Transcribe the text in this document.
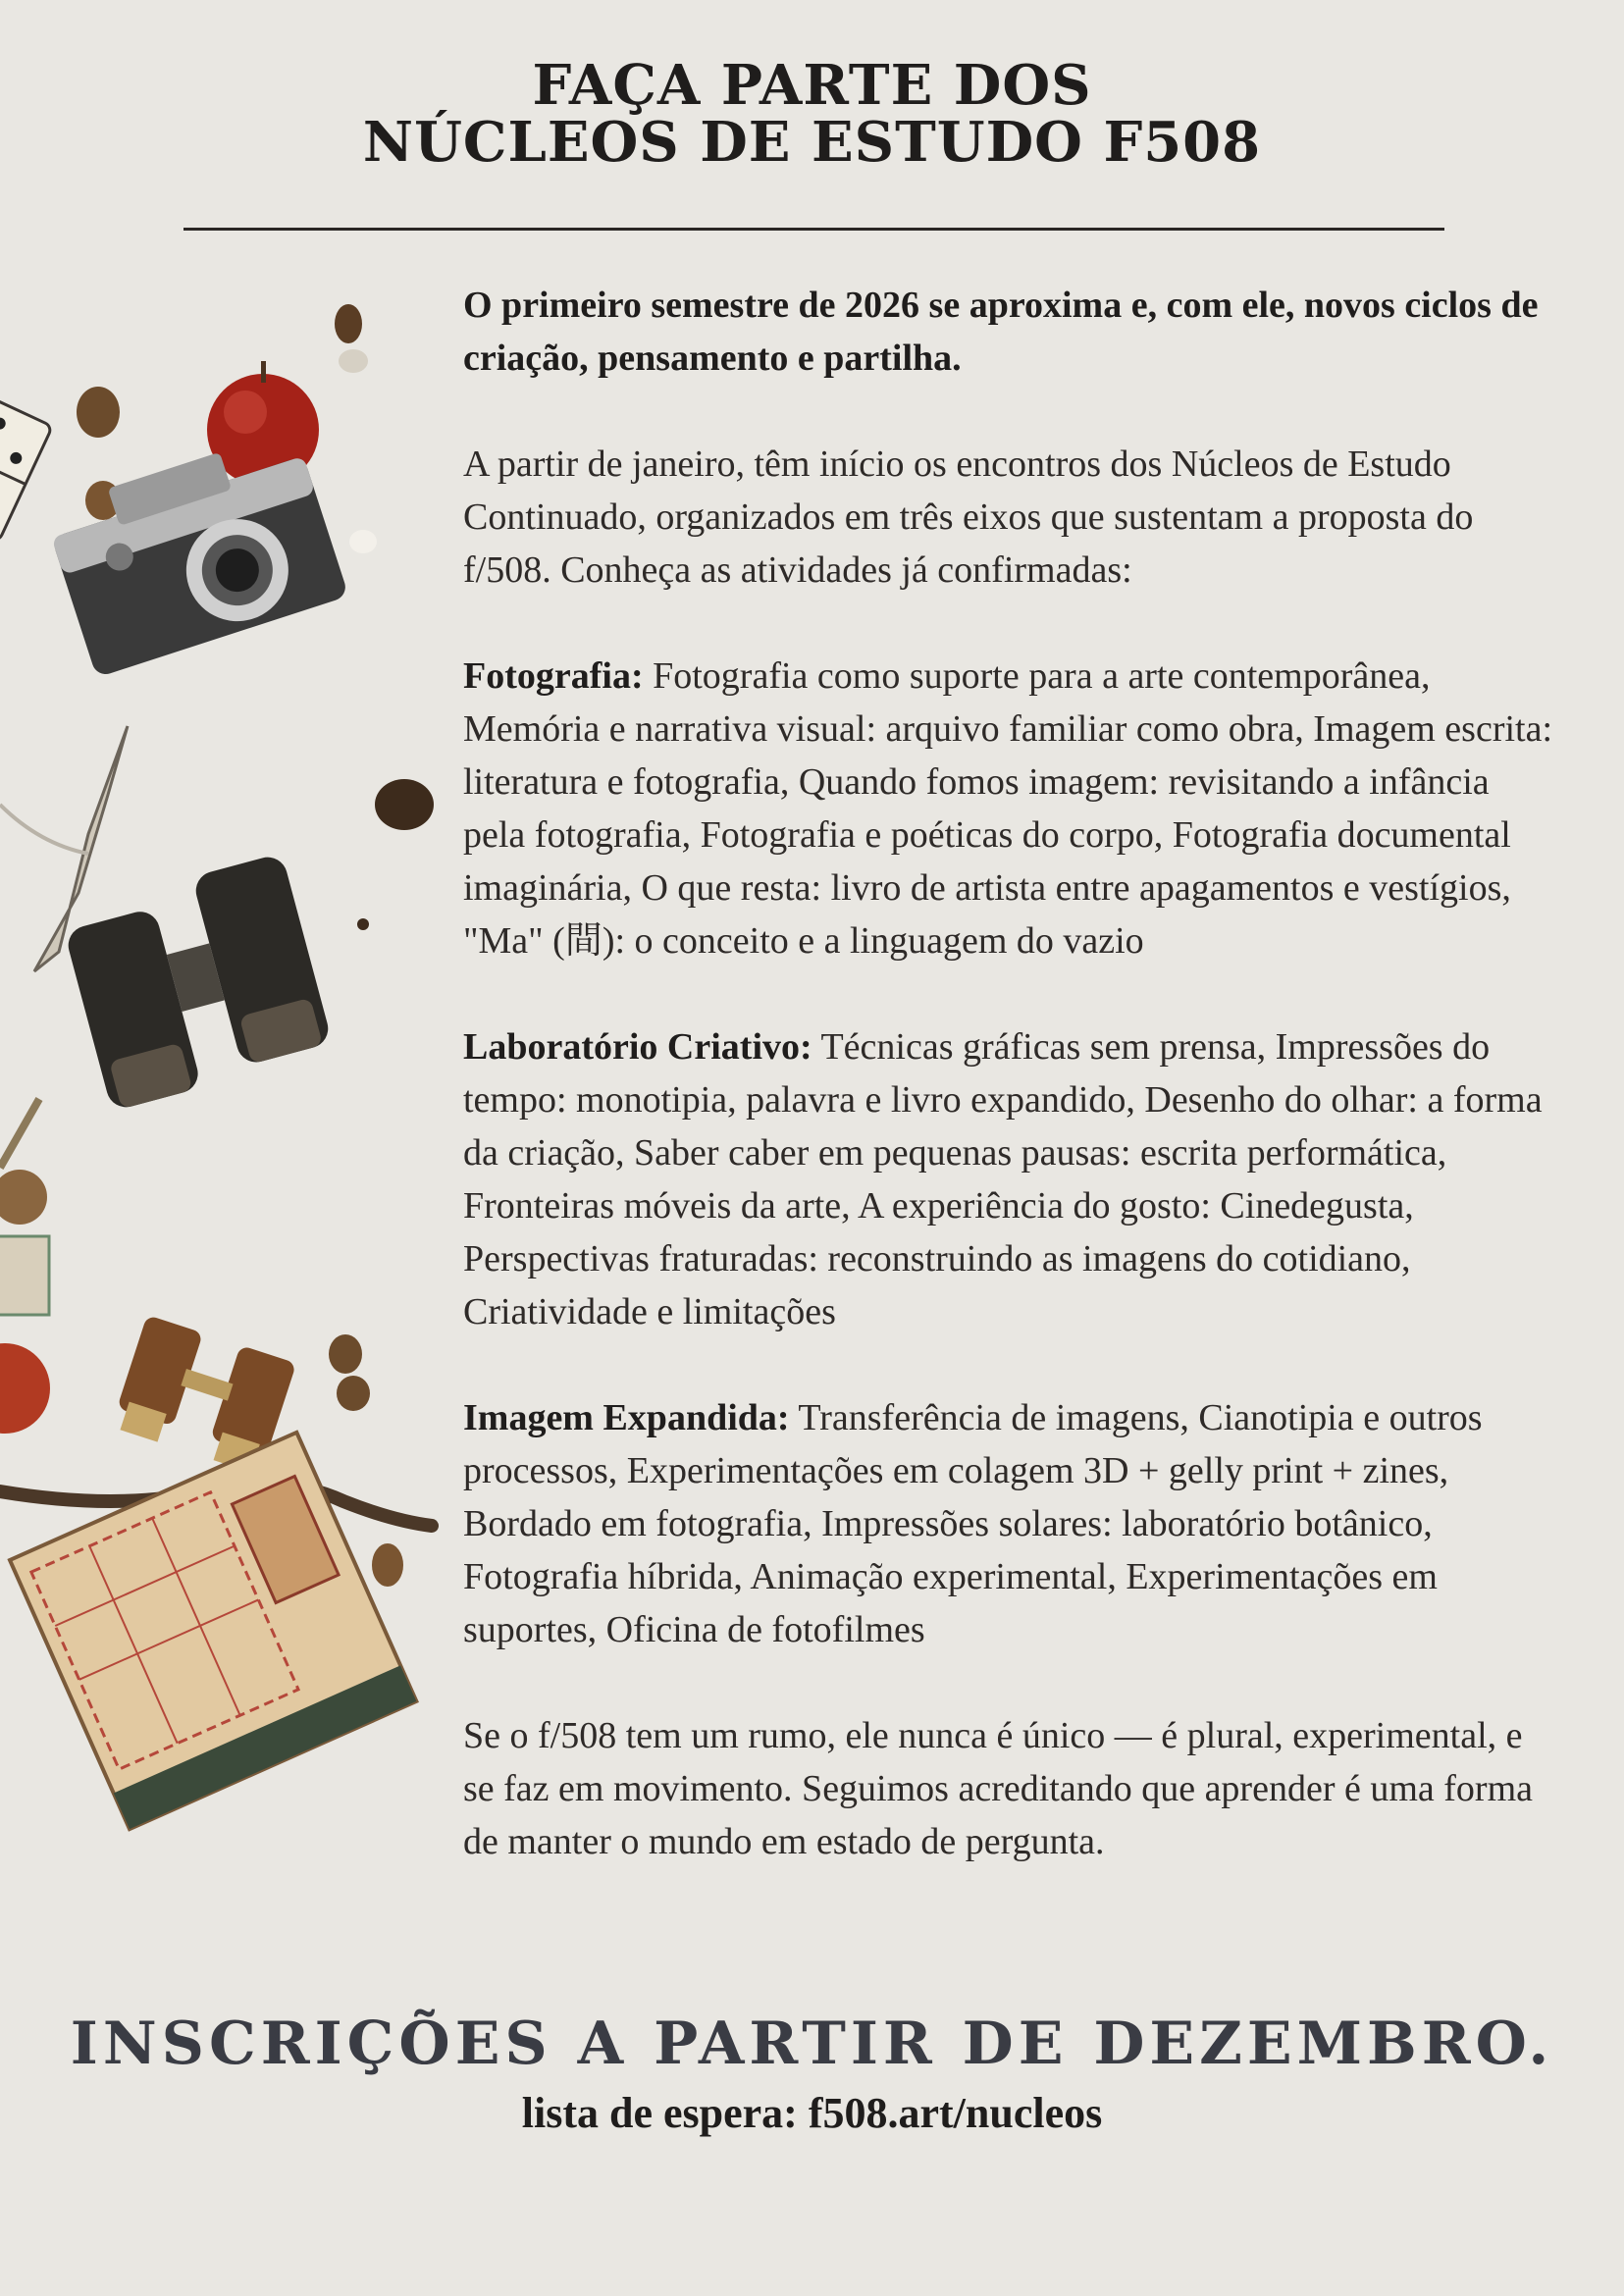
FAÇA PARTE DOS
NÚCLEOS DE ESTUDO F508

O primeiro semestre de 2026 se aproxima e, com ele, novos ciclos de criação, pensamento e partilha.

A partir de janeiro, têm início os encontros dos Núcleos de Estudo Continuado, organizados em três eixos que sustentam a proposta do f/508. Conheça as atividades já confirmadas:

Fotografia: Fotografia como suporte para a arte contemporânea, Memória e narrativa visual: arquivo familiar como obra, Imagem escrita: literatura e fotografia, Quando fomos imagem: revisitando a infância pela fotografia, Fotografia e poéticas do corpo, Fotografia documental imaginária, O que resta: livro de artista entre apagamentos e vestígios, "Ma" (間): o conceito e a linguagem do vazio

Laboratório Criativo: Técnicas gráficas sem prensa, Impressões do tempo: monotipia, palavra e livro expandido, Desenho do olhar: a forma da criação, Saber caber em pequenas pausas: escrita performática, Fronteiras móveis da arte, A experiência do gosto: Cinedegusta, Perspectivas fraturadas: reconstruindo as imagens do cotidiano, Criatividade e limitações

Imagem Expandida: Transferência de imagens, Cianotipia e outros processos, Experimentações em colagem 3D + gelly print + zines, Bordado em fotografia, Impressões solares: laboratório botânico, Fotografia híbrida, Animação experimental, Experimentações em suportes, Oficina de fotofilmes

Se o f/508 tem um rumo, ele nunca é único — é plural, experimental, e se faz em movimento. Seguimos acreditando que aprender é uma forma de manter o mundo em estado de pergunta.

INSCRIÇÕES A PARTIR DE DEZEMBRO.
lista de espera: f508.art/nucleos
